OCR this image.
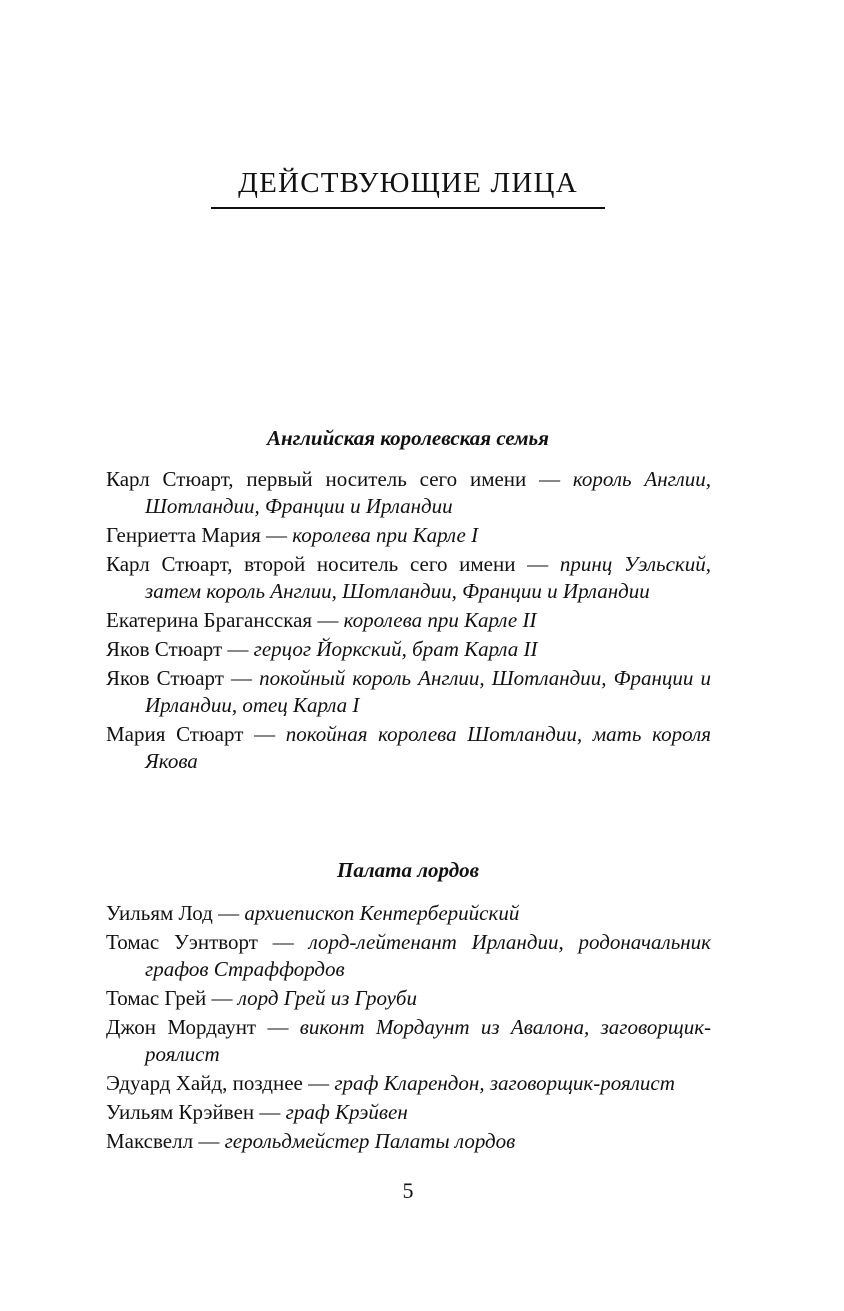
ДЕЙСТВУЮЩИЕ ЛИЦА
Английская королевская семья
Карл Стюарт, первый носитель сего имени — король Англии, Шотландии, Франции и Ирландии
Генриетта Мария — королева при Карле I
Карл Стюарт, второй носитель сего имени — принц Уэльский, затем король Англии, Шотландии, Франции и Ирландии
Екатерина Брагансская — королева при Карле II
Яков Стюарт — герцог Йоркский, брат Карла II
Яков Стюарт — покойный король Англии, Шотландии, Франции и Ирландии, отец Карла I
Мария Стюарт — покойная королева Шотландии, мать короля Якова
Палата лордов
Уильям Лод — архиепископ Кентерберийский
Томас Уэнтворт — лорд-лейтенант Ирландии, родоначальник графов Страффордов
Томас Грей — лорд Грей из Гроуби
Джон Мордаунт — виконт Мордаунт из Авалона, заговорщик-роялист
Эдуард Хайд, позднее — граф Кларендон, заговорщик-роялист
Уильям Крэйвен — граф Крэйвен
Максвелл — герольдмейстер Палаты лордов
5
